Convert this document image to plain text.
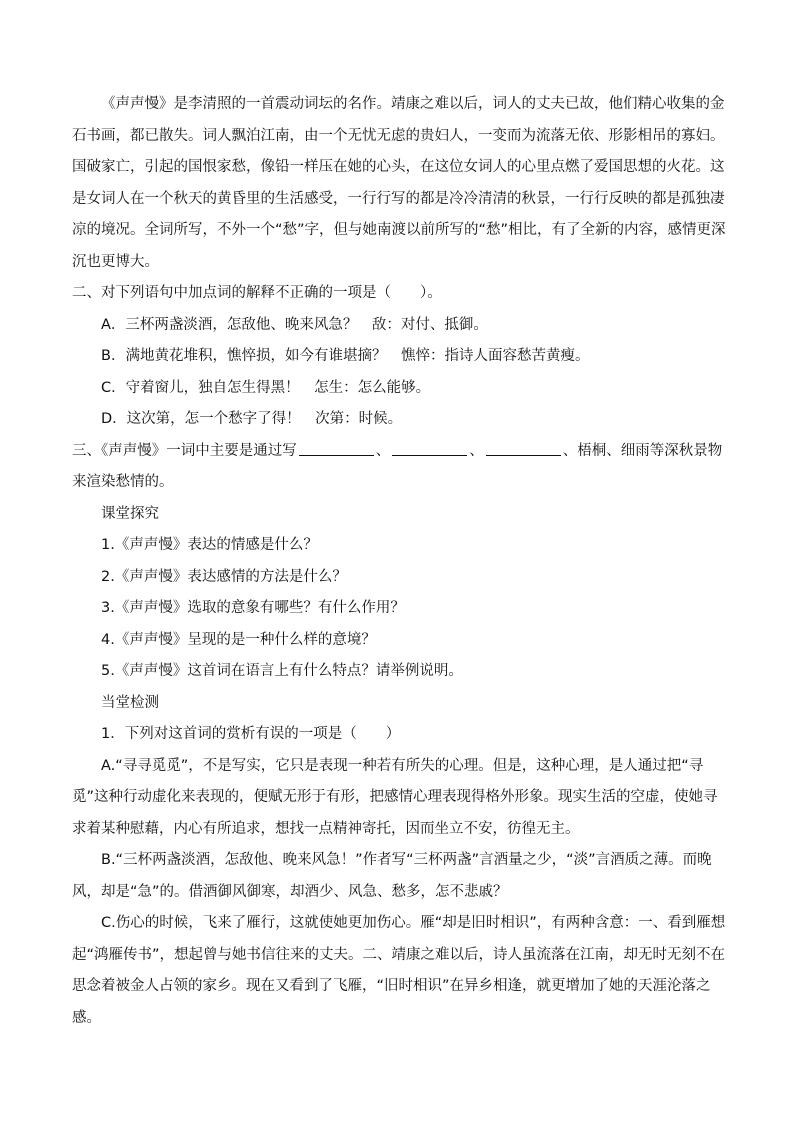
《声声慢》是李清照的一首震动词坛的名作。靖康之难以后，词人的丈夫已故，他们精心收集的金石书画，都已散失。词人飘泊江南，由一个无忧无虑的贵妇人，一变而为流落无依、形影相吊的寡妇。国破家亡，引起的国恨家愁，像铅一样压在她的心头，在这位女词人的心里点燃了爱国思想的火花。这是女词人在一个秋天的黄昏里的生活感受，一行行写的都是冷冷清清的秋景，一行行反映的都是孤独凄凉的境况。全词所写，不外一个“愁”字，但与她南渡以前所写的“愁”相比，有了全新的内容，感情更深沉也更博大。

二、对下列语句中加点词的解释不正确的一项是（　　）。

A．三杯两盏淡酒，怎敌他、晚来风急？　敌：对付、抵御。

B．满地黄花堆积，憔悴损，如今有谁堪摘？　憔悴：指诗人面容愁苦黄瘦。

C．守着窗儿，独自怎生得黑！　怎生：怎么能够。

D．这次第，怎一个愁字了得！　次第：时候。

三、《声声慢》一词中主要是通过写	、	、	、梧桐、细雨等深秋景物来渲染愁情的。

课堂探究

1.《声声慢》表达的情感是什么？

2.《声声慢》表达感情的方法是什么？

3.《声声慢》选取的意象有哪些？有什么作用？

4.《声声慢》呈现的是一种什么样的意境？

5.《声声慢》这首词在语言上有什么特点？请举例说明。

当堂检测

1．下列对这首词的赏析有误的一项是（　　）

A.“寻寻觅觅”，不是写实，它只是表现一种若有所失的心理。但是，这种心理，是人通过把“寻觅”这种行动虚化来表现的，便赋无形于有形，把感情心理表现得格外形象。现实生活的空虚，使她寻求着某种慰藉，内心有所追求，想找一点精神寄托，因而坐立不安，彷徨无主。

B.“三杯两盏淡酒，怎敌他、晚来风急！”作者写“三杯两盏”言酒量之少，“淡”言酒质之薄。而晚风，却是“急”的。借酒御风御寒，却酒少、风急、愁多，怎不悲戚？

C.伤心的时候，飞来了雁行，这就使她更加伤心。雁“却是旧时相识”，有两种含意：一、看到雁想起“鸿雁传书”，想起曾与她书信往来的丈夫。二、靖康之难以后，诗人虽流落在江南，却无时无刻不在思念着被金人占领的家乡。现在又看到了飞雁，“旧时相识”在异乡相逢，就更增加了她的天涯沦落之感。
